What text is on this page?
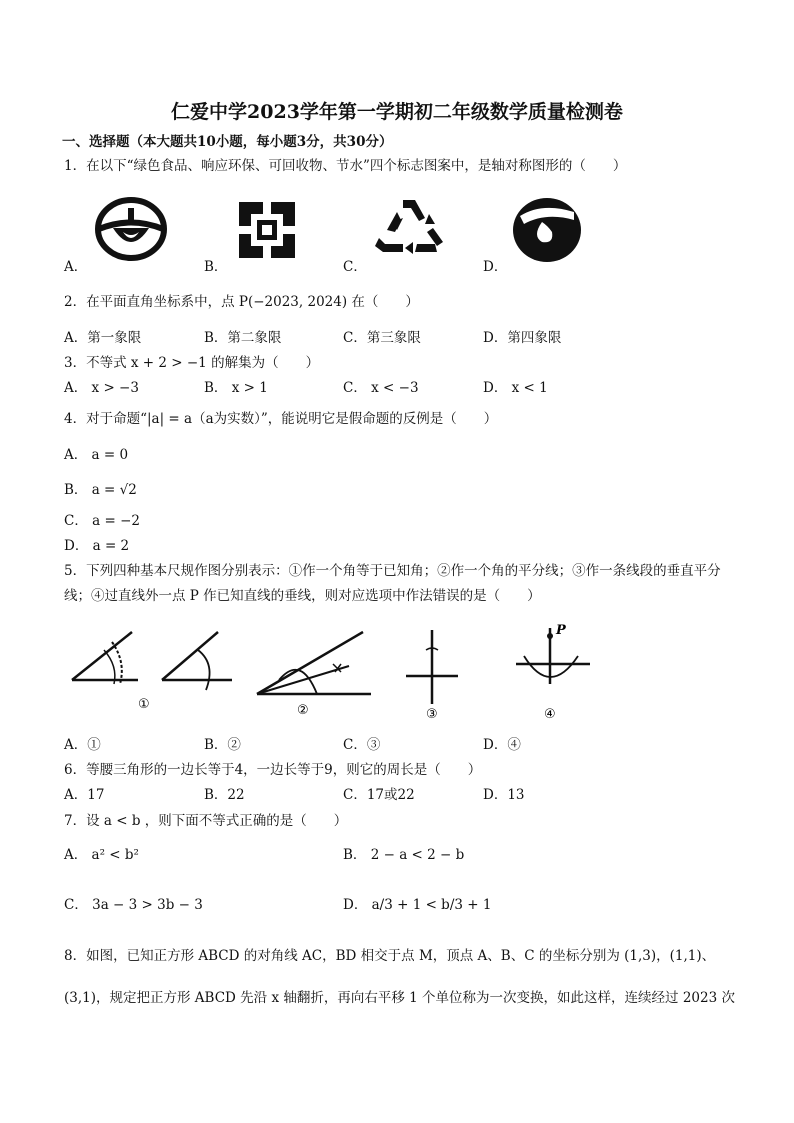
仁爱中学2023学年第一学期初二年级数学质量检测卷
一、选择题（本大题共10小题，每小题3分，共30分）
1．在以下“绿色食品、响应环保、可回收物、节水”四个标志图案中，是轴对称图形的（　　）
A．	B．	C．	D．
2．在平面直角坐标系中，点 P(−2023, 2024) 在（　　）
A．第一象限	B．第二象限	C．第三象限	D．第四象限
3．不等式 x + 2 > −1 的解集为（　　）
A． x > −3	B． x > 1	C． x < −3	D． x < 1
4．对于命题“|a| = a（a为实数）”，能说明它是假命题的反例是（　　）
A． a = 0
B． a = √2
C． a = −2
D． a = 2
5．下列四种基本尺规作图分别表示：①作一个角等于已知角；②作一个角的平分线；③作一条线段的垂直平分
线；④过直线外一点 P 作已知直线的垂线，则对应选项中作法错误的是（　　）
①	②	③
P
④
A．①	B．②	C．③	D．④
6．等腰三角形的一边长等于4，一边长等于9，则它的周长是（　　）
A．17	B．22	C．17或22	D．13
7．设 a < b ，则下面不等式正确的是（　　）
A． a² < b²	B． 2 − a < 2 − b
C． 3a − 3 > 3b − 3	D． a/3 + 1 < b/3 + 1
8．如图，已知正方形 ABCD 的对角线 AC，BD 相交于点 M，顶点 A、B、C 的坐标分别为 (1,3)，(1,1)、
(3,1)，规定把正方形 ABCD 先沿 x 轴翻折，再向右平移 1 个单位称为一次变换，如此这样，连续经过 2023 次
